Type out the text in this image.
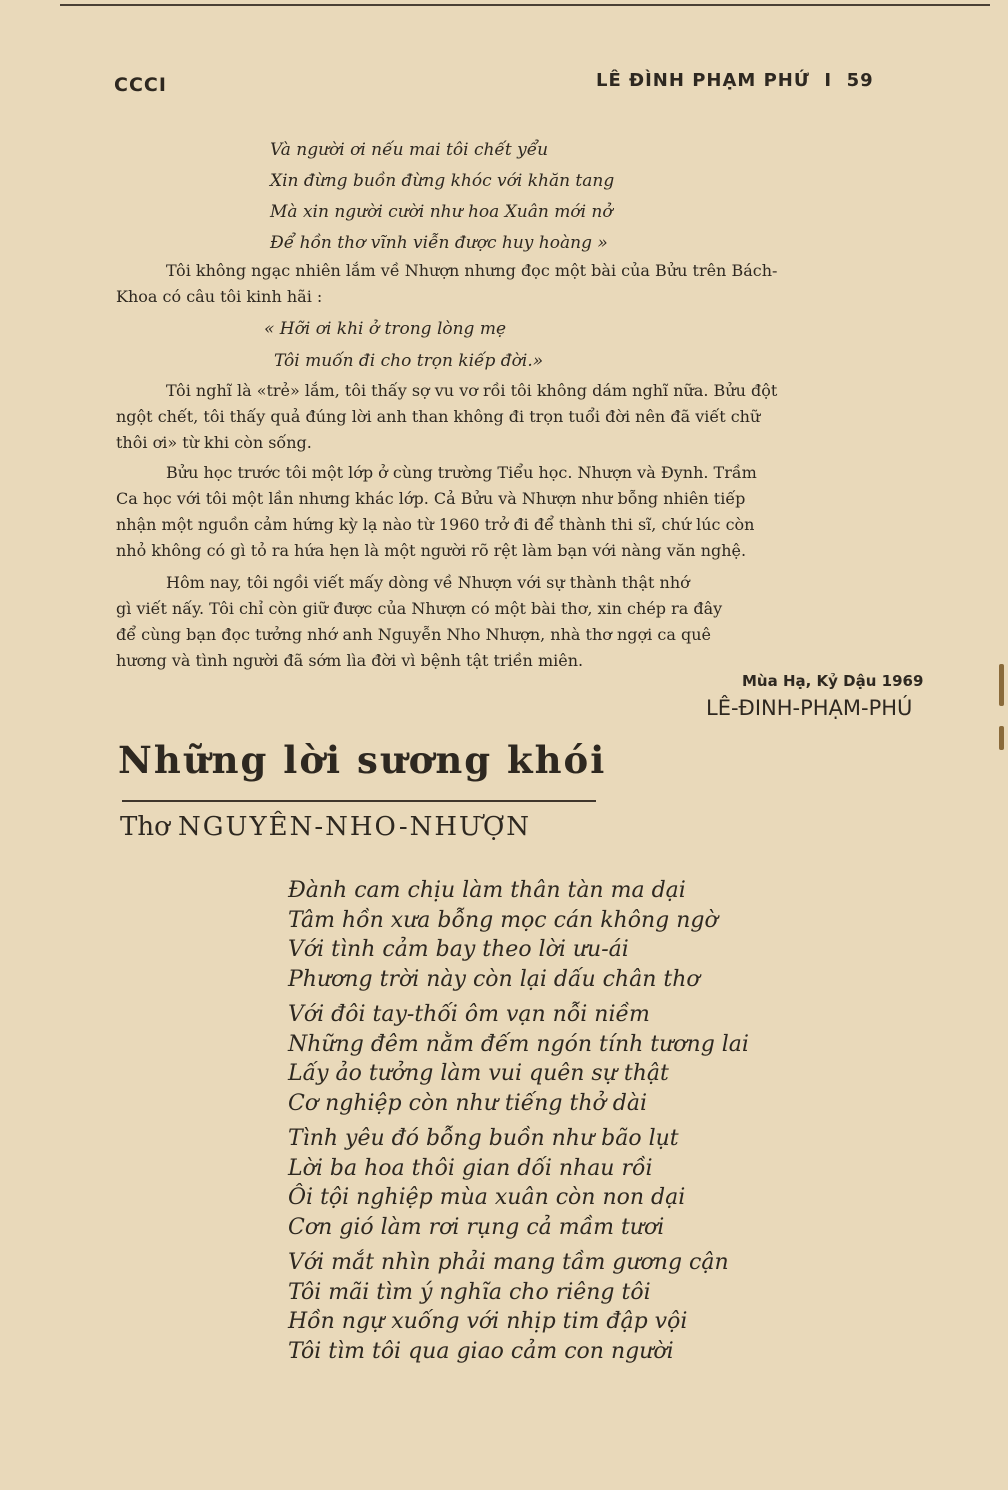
CCCI	LÊ ĐÌNH PHẠM PHỨ  I  59
Và người ơi nếu mai tôi chết yểu
Xin đừng buồn đừng khóc với khăn tang
Mà xin người cười như hoa Xuân mới nở
Để hồn thơ vĩnh viễn được huy hoàng »
Tôi không ngạc nhiên lắm về Nhượn nhưng đọc một bài của Bửu trên Bách-
Khoa có câu tôi kinh hãi :
« Hỡi ơi khi ở trong lòng mẹ
Tôi muốn đi cho trọn kiếp đời.»
Tôi nghĩ là «trẻ» lắm, tôi thấy sợ vu vơ rồi tôi không dám nghĩ nữa. Bửu đột
ngột chết, tôi thấy quả đúng lời anh than không đi trọn tuổi đời nên đã viết chữ
thôi ơi» từ khi còn sống.
Bửu học trước tôi một lớp ở cùng trường Tiểu học. Nhượn và Đynh. Trầm
Ca học với tôi một lần nhưng khác lớp. Cả Bửu và Nhượn như bỗng nhiên tiếp
nhận một nguồn cảm hứng kỳ lạ nào từ 1960 trở đi để thành thi sĩ, chứ lúc còn
nhỏ không có gì tỏ ra hứa hẹn là một người rõ rệt làm bạn với nàng văn nghệ.
Hôm nay, tôi ngồi viết mấy dòng về Nhượn với sự thành thật nhớ
gì viết nấy. Tôi chỉ còn giữ được của Nhượn có một bài thơ, xin chép ra đây
để cùng bạn đọc tưởng nhớ anh Nguyễn Nho Nhượn, nhà thơ ngợi ca quê
hương và tình người đã sớm lìa đời vì bệnh tật triền miên.
Mùa Hạ, Kỷ Dậu 1969
LÊ-ĐINH-PHẠM-PHÚ
Những lời sương khói
Thơ NGUYÊN-NHO-NHƯỢN
Đành cam chịu làm thân tàn ma dại
Tâm hồn xưa bỗng mọc cán không ngờ
Với tình cảm bay theo lời ưu-ái
Phương trời này còn lại dấu chân thơ
Với đôi tay-thối ôm vạn nỗi niềm
Những đêm nằm đếm ngón tính tương lai
Lấy ảo tưởng làm vui quên sự thật
Cơ nghiệp còn như tiếng thở dài
Tình yêu đó bỗng buồn như bão lụt
Lời ba hoa thôi gian dối nhau rồi
Ôi tội nghiệp mùa xuân còn non dại
Cơn gió làm rơi rụng cả mầm tươi
Với mắt nhìn phải mang tầm gương cận
Tôi mãi tìm ý nghĩa cho riêng tôi
Hồn ngự xuống với nhịp tim đập vội
Tôi tìm tôi qua giao cảm con người
